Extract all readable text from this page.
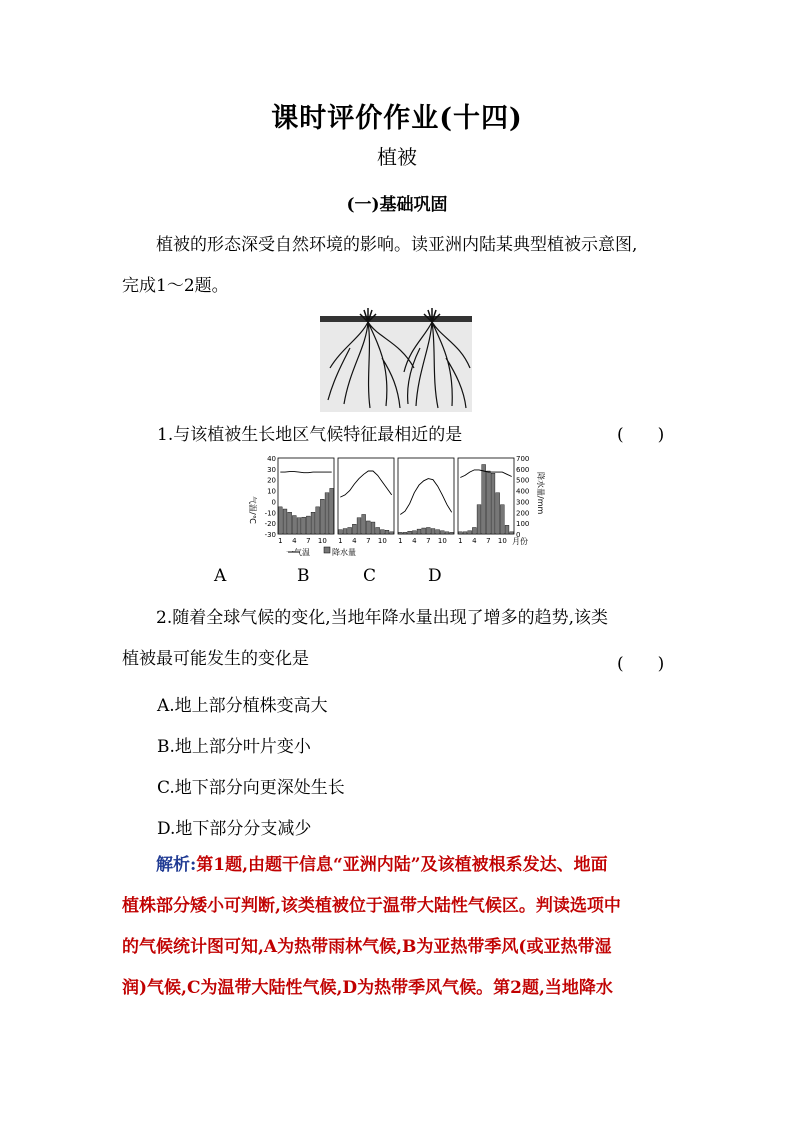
课时评价作业(十四)
植被
(一)基础巩固
植被的形态深受自然环境的影响。读亚洲内陆某典型植被示意图,
完成1～2题。
1.与该植被生长地区气候特征最相近的是	(　　)
40
30
20
10
0
-10
-20
-30
700
600
500
400
300
200
100
0
1 4 7 10 1 4 7 10 1 4 7 10 1 4 7 10
气温/℃	降水量/mm
月份
一气温	降水量
A	B	C	D
2.随着全球气候的变化,当地年降水量出现了增多的趋势,该类
植被最可能发生的变化是	(　　)
A.地上部分植株变高大
B.地上部分叶片变小
C.地下部分向更深处生长
D.地下部分分支减少
解析:第1题,由题干信息“亚洲内陆”及该植被根系发达、地面
植株部分矮小可判断,该类植被位于温带大陆性气候区。判读选项中
的气候统计图可知,A为热带雨林气候,B为亚热带季风(或亚热带湿
润)气候,C为温带大陆性气候,D为热带季风气候。第2题,当地降水
